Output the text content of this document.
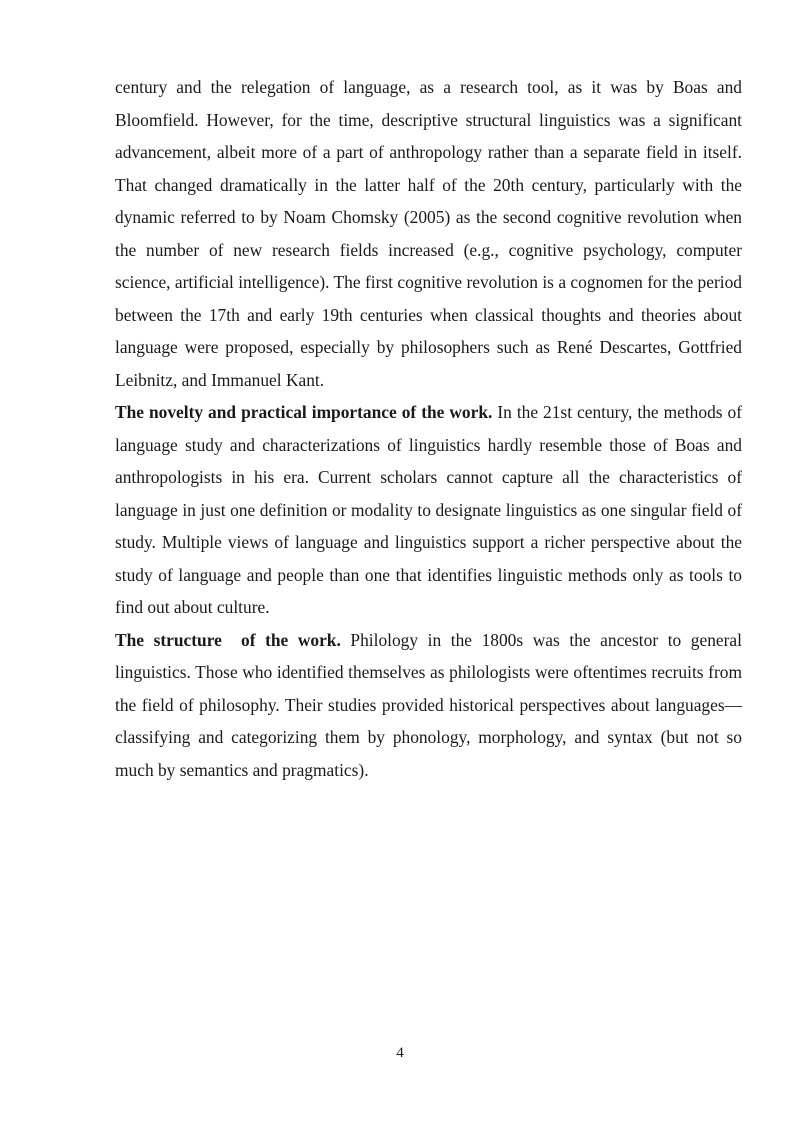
century and the relegation of language, as a research tool, as it was by Boas and Bloomfield. However, for the time, descriptive structural linguistics was a significant advancement, albeit more of a part of anthropology rather than a separate field in itself. That changed dramatically in the latter half of the 20th century, particularly with the dynamic referred to by Noam Chomsky (2005) as the second cognitive revolution when the number of new research fields increased (e.g., cognitive psychology, computer science, artificial intelligence). The first cognitive revolution is a cognomen for the period between the 17th and early 19th centuries when classical thoughts and theories about language were proposed, especially by philosophers such as René Descartes, Gottfried Leibnitz, and Immanuel Kant.

The novelty and practical importance of the work. In the 21st century, the methods of language study and characterizations of linguistics hardly resemble those of Boas and anthropologists in his era. Current scholars cannot capture all the characteristics of language in just one definition or modality to designate linguistics as one singular field of study. Multiple views of language and linguistics support a richer perspective about the study of language and people than one that identifies linguistic methods only as tools to find out about culture.

The structure  of the work. Philology in the 1800s was the ancestor to general linguistics. Those who identified themselves as philologists were oftentimes recruits from the field of philosophy. Their studies provided historical perspectives about languages—classifying and categorizing them by phonology, morphology, and syntax (but not so much by semantics and pragmatics).

4
